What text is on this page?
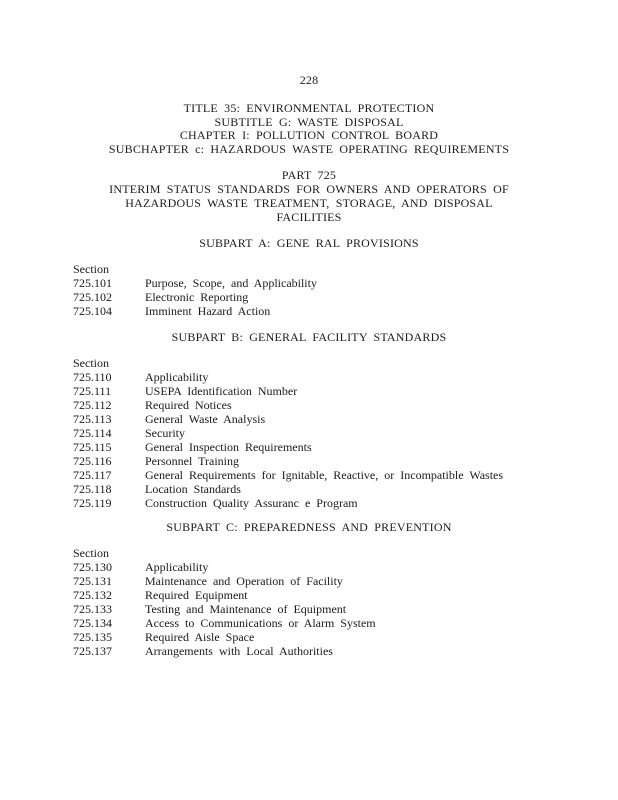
228
TITLE 35: ENVIRONMENTAL PROTECTION
SUBTITLE G: WASTE DISPOSAL
CHAPTER I: POLLUTION CONTROL BOARD
SUBCHAPTER c: HAZARDOUS WASTE OPERATING REQUIREMENTS
PART 725
INTERIM STATUS STANDARDS FOR OWNERS AND OPERATORS OF
HAZARDOUS WASTE TREATMENT, STORAGE, AND DISPOSAL
FACILITIES
SUBPART A: GENE RAL PROVISIONS
Section
725.101	Purpose, Scope, and Applicability
725.102	Electronic Reporting
725.104	Imminent Hazard Action
SUBPART B: GENERAL FACILITY STANDARDS
Section
725.110	Applicability
725.111	USEPA Identification Number
725.112	Required Notices
725.113	General Waste Analysis
725.114	Security
725.115	General Inspection Requirements
725.116	Personnel Training
725.117	General Requirements for Ignitable, Reactive, or Incompatible Wastes
725.118	Location Standards
725.119	Construction Quality Assuranc e Program
SUBPART C: PREPAREDNESS AND PREVENTION
Section
725.130	Applicability
725.131	Maintenance and Operation of Facility
725.132	Required Equipment
725.133	Testing and Maintenance of Equipment
725.134	Access to Communications or Alarm System
725.135	Required Aisle Space
725.137	Arrangements with Local Authorities
